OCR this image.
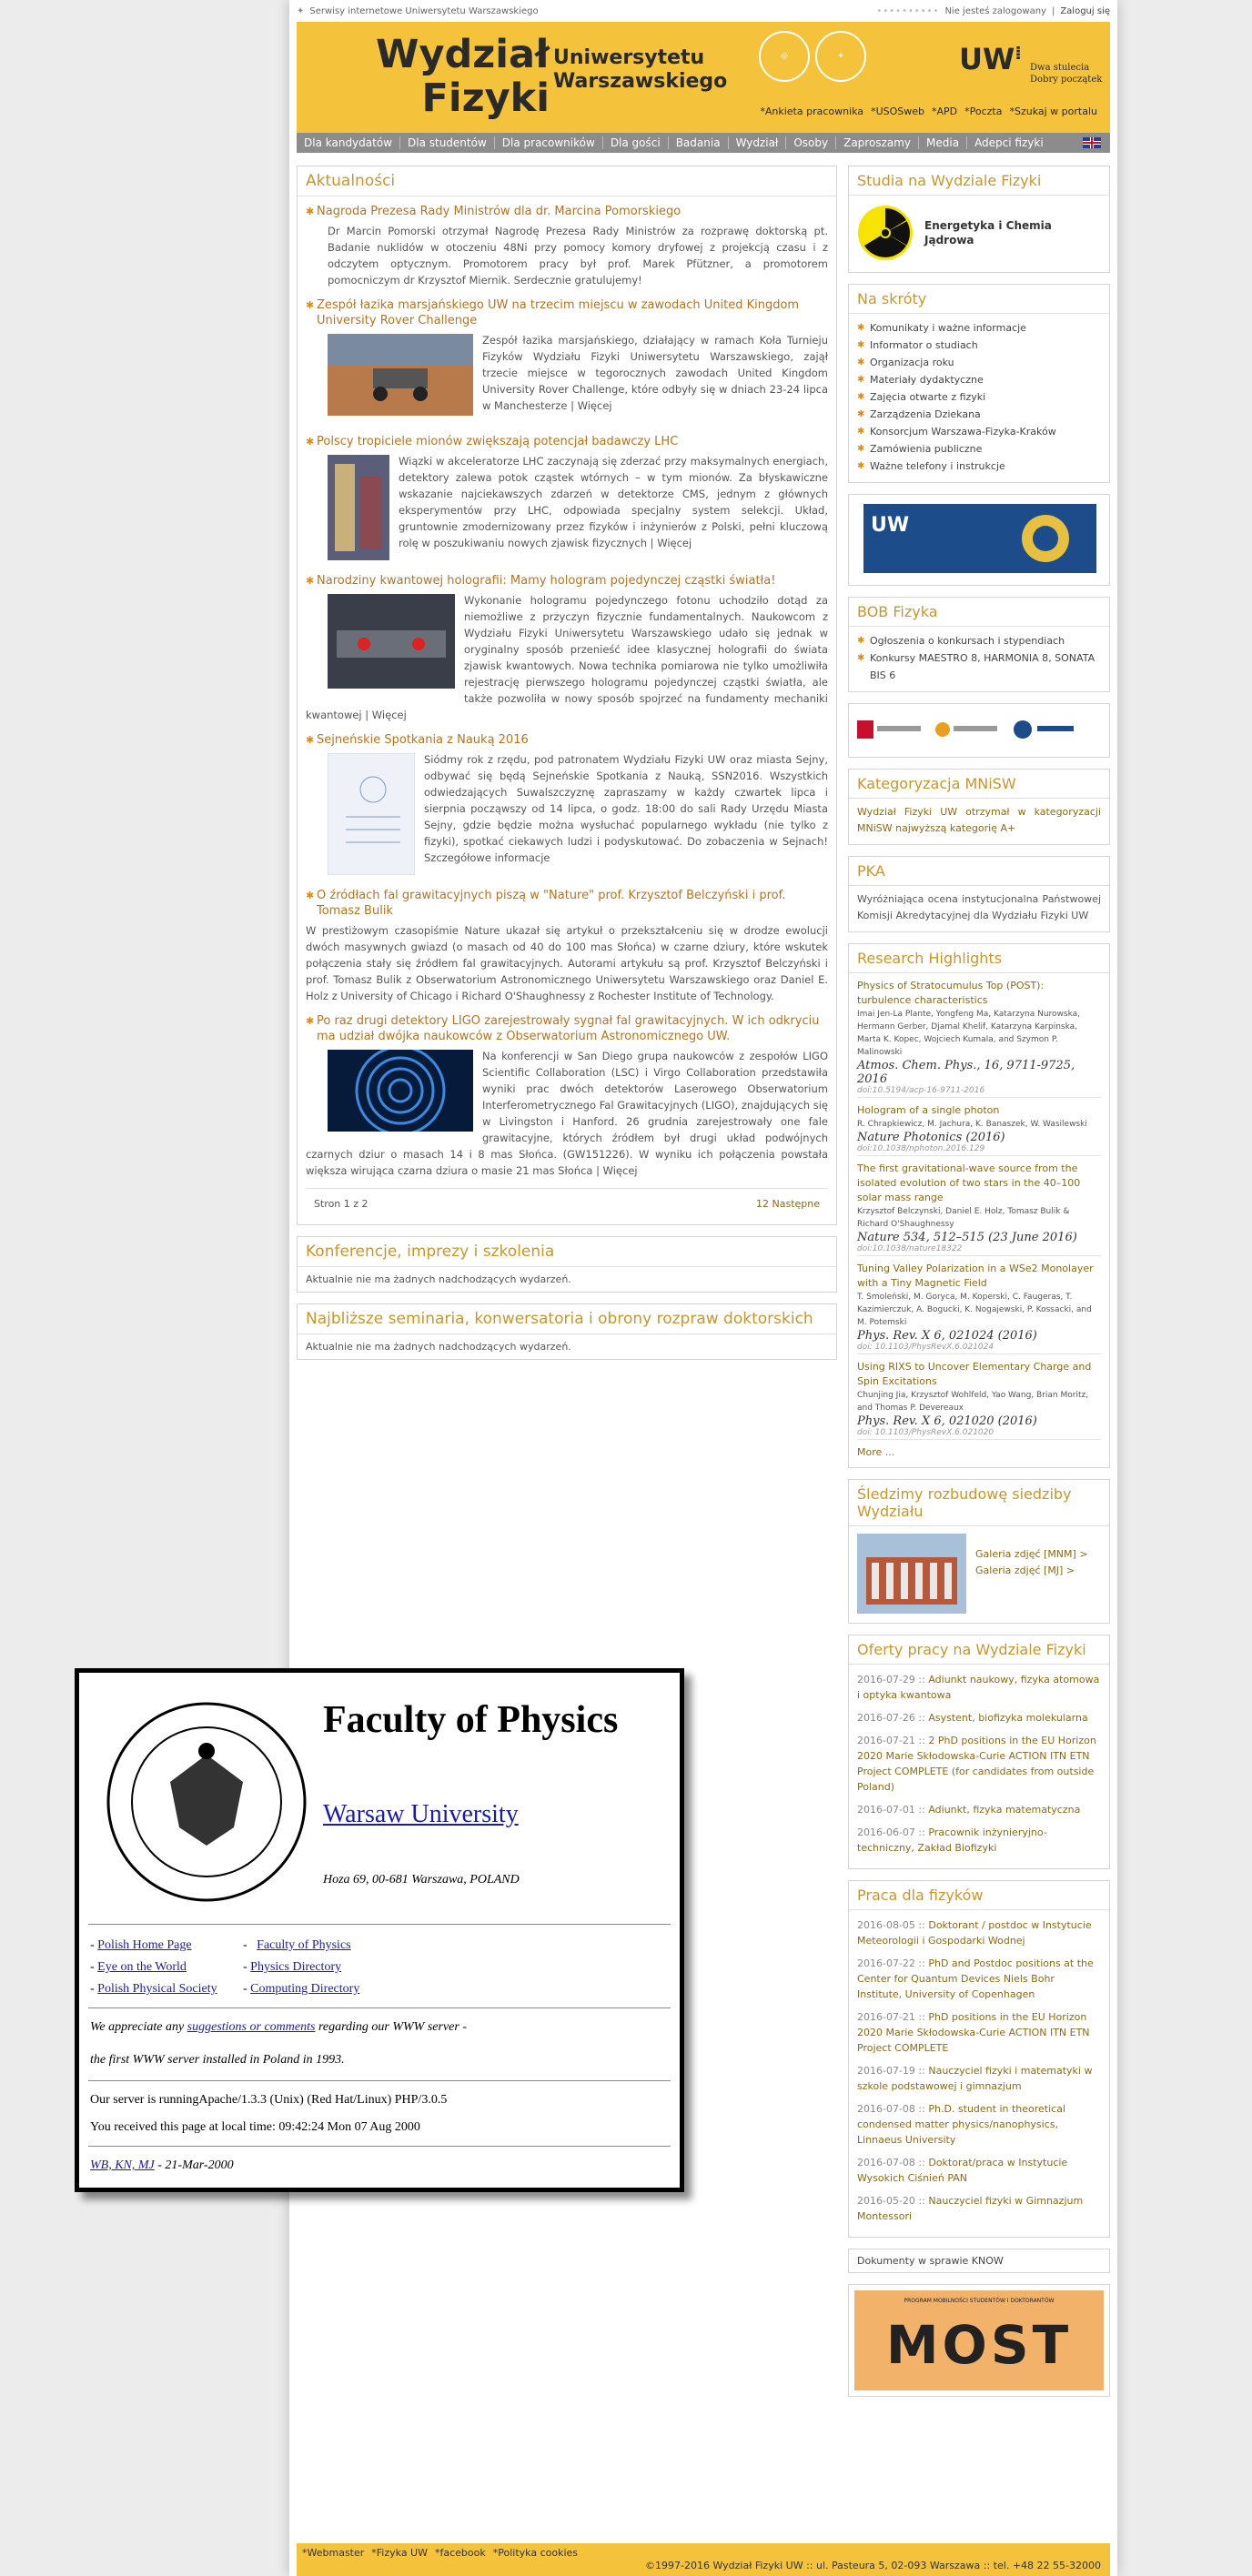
✦ Serwisy internetowe Uniwersytetu Warszawskiego	•••••••••• Nie jesteś zalogowany | Zaloguj się
Wydział
Fizyki
Uniwersytetu
Warszawskiego
◎	✦	UW⁞
Dwa stulecia
Dobry początek
*Ankieta pracownika *USOSweb *APD *Poczta *Szukaj w portalu
Dla kandydatów	Dla studentów	Dla pracowników	Dla gości	Badania	Wydział	Osoby	Zaproszamy	Media	Adepci fizyki
Aktualności
✱ Nagroda Prezesa Rady Ministrów dla dr. Marcina Pomorskiego

Dr Marcin Pomorski otrzymał Nagrodę Prezesa Rady Ministrów za rozprawę doktorską pt. Badanie nuklidów w otoczeniu 48Ni przy pomocy komory dryfowej z projekcją czasu i z odczytem optycznym. Promotorem pracy był prof. Marek Pfützner, a promotorem pomocniczym dr Krzysztof Miernik. Serdecznie gratulujemy!

✱ Zespół łazika marsjańskiego UW na trzecim miejscu w zawodach United Kingdom University Rover Challenge

Zespół łazika marsjańskiego, działający w ramach Koła Turnieju Fizyków Wydziału Fizyki Uniwersytetu Warszawskiego, zajął trzecie miejsce w tegorocznych zawodach United Kingdom University Rover Challenge, które odbyły się w dniach 23-24 lipca w Manchesterze | Więcej

✱ Polscy tropiciele mionów zwiększają potencjał badawczy LHC

Wiązki w akceleratorze LHC zaczynają się zderzać przy maksymalnych energiach, detektory zalewa potok cząstek wtórnych – w tym mionów. Za błyskawiczne wskazanie najciekawszych zdarzeń w detektorze CMS, jednym z głównych eksperymentów przy LHC, odpowiada specjalny system selekcji. Układ, gruntownie zmodernizowany przez fizyków i inżynierów z Polski, pełni kluczową rolę w poszukiwaniu nowych zjawisk fizycznych | Więcej

✱ Narodziny kwantowej holografii: Mamy hologram pojedynczej cząstki światła!

Wykonanie hologramu pojedynczego fotonu uchodziło dotąd za niemożliwe z przyczyn fizycznie fundamentalnych. Naukowcom z Wydziału Fizyki Uniwersytetu Warszawskiego udało się jednak w oryginalny sposób przenieść idee klasycznej holografii do świata zjawisk kwantowych. Nowa technika pomiarowa nie tylko umożliwiła rejestrację pierwszego hologramu pojedynczej cząstki światła, ale także pozwoliła w nowy sposób spojrzeć na fundamenty mechaniki kwantowej | Więcej

✱ Sejneńskie Spotkania z Nauką 2016

Siódmy rok z rzędu, pod patronatem Wydziału Fizyki UW oraz miasta Sejny, odbywać się będą Sejneńskie Spotkania z Nauką, SSN2016. Wszystkich odwiedzających Suwalszczyznę zapraszamy w każdy czwartek lipca i sierpnia począwszy od 14 lipca, o godz. 18:00 do sali Rady Urzędu Miasta Sejny, gdzie będzie można wysłuchać popularnego wykładu (nie tylko z fizyki), spotkać ciekawych ludzi i podyskutować. Do zobaczenia w Sejnach! Szczegółowe informacje

✱ O źródłach fal grawitacyjnych piszą w "Nature" prof. Krzysztof Belczyński i prof. Tomasz Bulik

W prestiżowym czasopiśmie Nature ukazał się artykuł o przekształceniu się w drodze ewolucji dwóch masywnych gwiazd (o masach od 40 do 100 mas Słońca) w czarne dziury, które wskutek połączenia stały się źródłem fal grawitacyjnych. Autorami artykułu są prof. Krzysztof Belczyński i prof. Tomasz Bulik z Obserwatorium Astronomicznego Uniwersytetu Warszawskiego oraz Daniel E. Holz z University of Chicago i Richard O'Shaughnessy z Rochester Institute of Technology.

✱ Po raz drugi detektory LIGO zarejestrowały sygnał fal grawitacyjnych. W ich odkryciu ma udział dwójka naukowców z Obserwatorium Astronomicznego UW.

Na konferencji w San Diego grupa naukowców z zespołów LIGO Scientific Collaboration (LSC) i Virgo Collaboration przedstawiła wyniki prac dwóch detektorów Laserowego Obserwatorium Interferometrycznego Fal Grawitacyjnych (LIGO), znajdujących się w Livingston i Hanford. 26 grudnia zarejestrowały one fale grawitacyjne, których źródłem był drugi układ podwójnych czarnych dziur o masach 14 i 8 mas Słońca. (GW151226). W wyniku ich połączenia powstała większa wirująca czarna dziura o masie 21 mas Słońca | Więcej

Stron 1 z 2	12 Następne
Konferencje, imprezy i szkolenia
Aktualnie nie ma żadnych nadchodzących wydarzeń.
Najbliższe seminaria, konwersatoria i obrony rozpraw doktorskich
Aktualnie nie ma żadnych nadchodzących wydarzeń.
Studia na Wydziale Fizyki
Energetyka i Chemia
Jądrowa
Na skróty
✱ Komunikaty i ważne informacje
✱ Informator o studiach
✱ Organizacja roku
✱ Materiały dydaktyczne
✱ Zajęcia otwarte z fizyki
✱ Zarządzenia Dziekana
✱ Konsorcjum Warszawa-Fizyka-Kraków
✱ Zamówienia publiczne
✱ Ważne telefony i instrukcje
UW
BOB Fizyka
✱ Ogłoszenia o konkursach i stypendiach
✱ Konkursy MAESTRO 8, HARMONIA 8, SONATA BIS 6
Kategoryzacja MNiSW
Wydział Fizyki UW otrzymał w kategoryzacji MNiSW najwyższą kategorię A+
PKA
Wyróżniająca ocena instytucjonalna Państwowej Komisji Akredytacyjnej dla Wydziału Fizyki UW
Research Highlights
Physics of Stratocumulus Top (POST): turbulence characteristics
Imai Jen-La Plante, Yongfeng Ma, Katarzyna Nurowska, Hermann Gerber, Djamal Khelif, Katarzyna Karpinska, Marta K. Kopec, Wojciech Kumala, and Szymon P. Malinowski
Atmos. Chem. Phys., 16, 9711-9725, 2016
doi:10.5194/acp-16-9711-2016
Hologram of a single photon
R. Chrapkiewicz, M. Jachura, K. Banaszek, W. Wasilewski
Nature Photonics (2016)
doi:10.1038/nphoton.2016.129
The first gravitational-wave source from the isolated evolution of two stars in the 40–100 solar mass range
Krzysztof Belczynski, Daniel E. Holz, Tomasz Bulik & Richard O'Shaughnessy
Nature 534, 512–515 (23 June 2016)
doi:10.1038/nature18322
Tuning Valley Polarization in a WSe2 Monolayer with a Tiny Magnetic Field
T. Smoleński, M. Goryca, M. Koperski, C. Faugeras, T. Kazimierczuk, A. Bogucki, K. Nogajewski, P. Kossacki, and M. Potemski
Phys. Rev. X 6, 021024 (2016)
doi: 10.1103/PhysRevX.6.021024
Using RIXS to Uncover Elementary Charge and Spin Excitations
Chunjing Jia, Krzysztof Wohlfeld, Yao Wang, Brian Moritz, and Thomas P. Devereaux
Phys. Rev. X 6, 021020 (2016)
doi: 10.1103/PhysRevX.6.021020
More ...
Śledzimy rozbudowę siedziby Wydziału
Galeria zdjęć [MNM] >
Galeria zdjęć [MJ] >
Oferty pracy na Wydziale Fizyki
2016-07-29 :: Adiunkt naukowy, fizyka atomowa i optyka kwantowa
2016-07-26 :: Asystent, biofizyka molekularna
2016-07-21 :: 2 PhD positions in the EU Horizon 2020 Marie Skłodowska-Curie ACTION ITN ETN Project COMPLETE (for candidates from outside Poland)
2016-07-01 :: Adiunkt, fizyka matematyczna
2016-06-07 :: Pracownik inżynieryjno-techniczny, Zakład Biofizyki
Praca dla fizyków
2016-08-05 :: Doktorant / postdoc w Instytucie Meteorologii i Gospodarki Wodnej
2016-07-22 :: PhD and Postdoc positions at the Center for Quantum Devices Niels Bohr Institute, University of Copenhagen
2016-07-21 :: PhD positions in the EU Horizon 2020 Marie Skłodowska-Curie ACTION ITN ETN Project COMPLETE
2016-07-19 :: Nauczyciel fizyki i matematyki w szkole podstawowej i gimnazjum
2016-07-08 :: Ph.D. student in theoretical condensed matter physics/nanophysics, Linnaeus University
2016-07-08 :: Doktorat/praca w Instytucie Wysokich Ciśnień PAN
2016-05-20 :: Nauczyciel fizyki w Gimnazjum Montessori
Dokumenty w sprawie KNOW
PROGRAM MOBILNOŚCI STUDENTÓW I DOKTORANTÓW
MOST
*Webmaster *Fizyka UW *facebook *Polityka cookies
©1997-2016 Wydział Fizyki UW :: ul. Pasteura 5, 02-093 Warszawa :: tel. +48 22 55-32000
Faculty of Physics
Warsaw University
Hoza 69, 00-681 Warszawa, POLAND
- Polish Home Page	-   Faculty of Physics
- Eye on the World	- Physics Directory
- Polish Physical Society - Computing Directory
We appreciate any suggestions or comments regarding our WWW server -
the first WWW server installed in Poland in 1993.
Our server is runningApache/1.3.3 (Unix) (Red Hat/Linux) PHP/3.0.5
You received this page at local time: 09:42:24 Mon 07 Aug 2000
WB, KN, MJ - 21-Mar-2000
